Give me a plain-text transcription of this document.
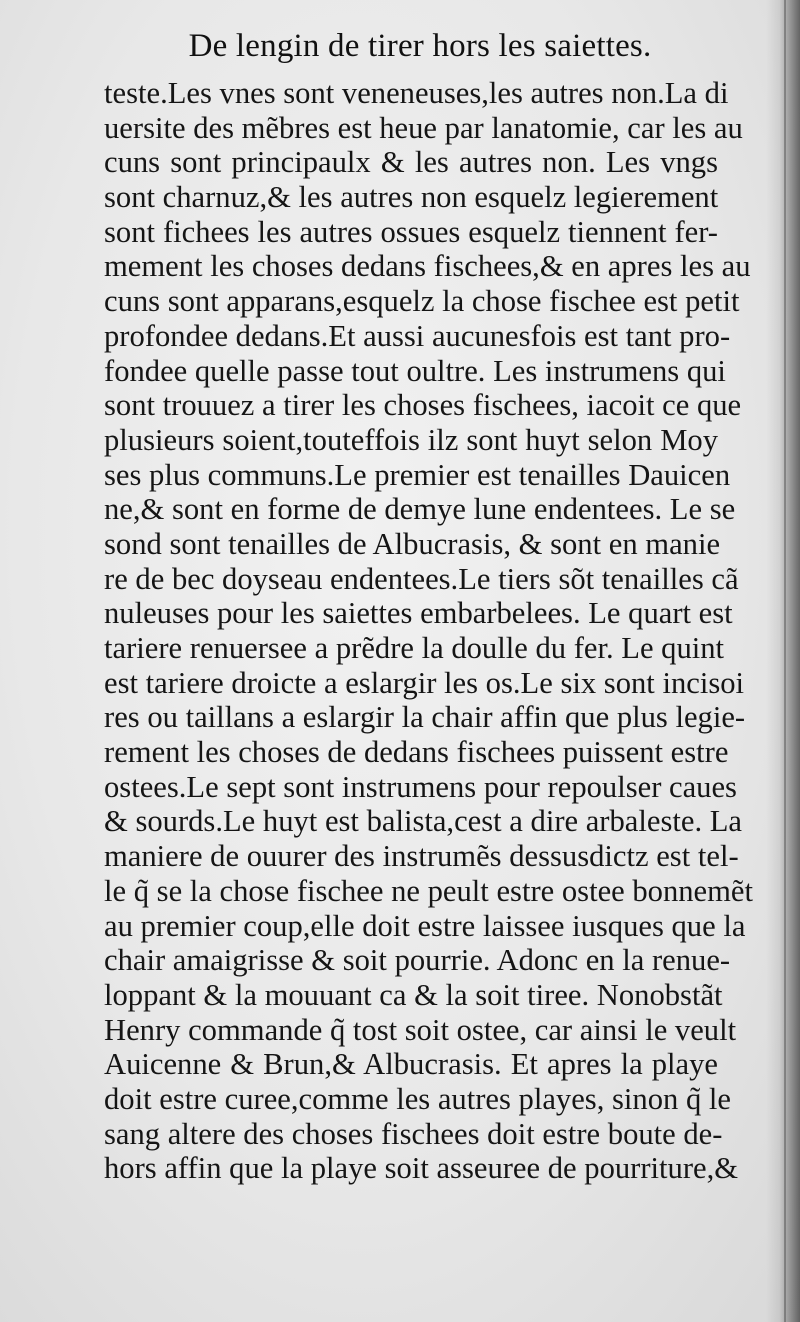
De lengin de tirer hors les saiettes.
teste.Les vnes sont veneneuses,les autres non.La di
uersite des mẽbres est heue par lanatomie, car les au
cuns sont principaulx & les autres non. Les vngs
sont charnuz,& les autres non esquelz legierement
sont fichees les autres ossues esquelz tiennent fer-
mement les choses dedans fischees,& en apres les au
cuns sont apparans,esquelz la chose fischee est petit
profondee dedans.Et aussi aucunesfois est tant pro-
fondee quelle passe tout oultre. Les instrumens qui
sont trouuez a tirer les choses fischees, iacoit ce que
plusieurs soient,touteffois ilz sont huyt selon Moy
ses plus communs.Le premier est tenailles Dauicen
ne,& sont en forme de demye lune endentees. Le se
sond sont tenailles de Albucrasis, & sont en manie
re de bec doyseau endentees.Le tiers sõt tenailles cã
nuleuses pour les saiettes embarbelees. Le quart est
tariere renuersee a prẽdre la doulle du fer. Le quint
est tariere droicte a eslargir les os.Le six sont incisoi
res ou taillans a eslargir la chair affin que plus legie-
rement les choses de dedans fischees puissent estre
ostees.Le sept sont instrumens pour repoulser caues
& sourds.Le huyt est balista,cest a dire arbaleste. La
maniere de ouurer des instrumẽs dessusdictz est tel-
le q̃ se la chose fischee ne peult estre ostee bonnemẽt
au premier coup,elle doit estre laissee iusques que la
chair amaigrisse & soit pourrie. Adonc en la renue-
loppant & la mouuant ca & la soit tiree. Nonobstãt
Henry commande q̃ tost soit ostee, car ainsi le veult
Auicenne & Brun,& Albucrasis. Et apres la playe
doit estre curee,comme les autres playes, sinon q̃ le
sang altere des choses fischees doit estre boute de-
hors affin que la playe soit asseuree de pourriture,&
